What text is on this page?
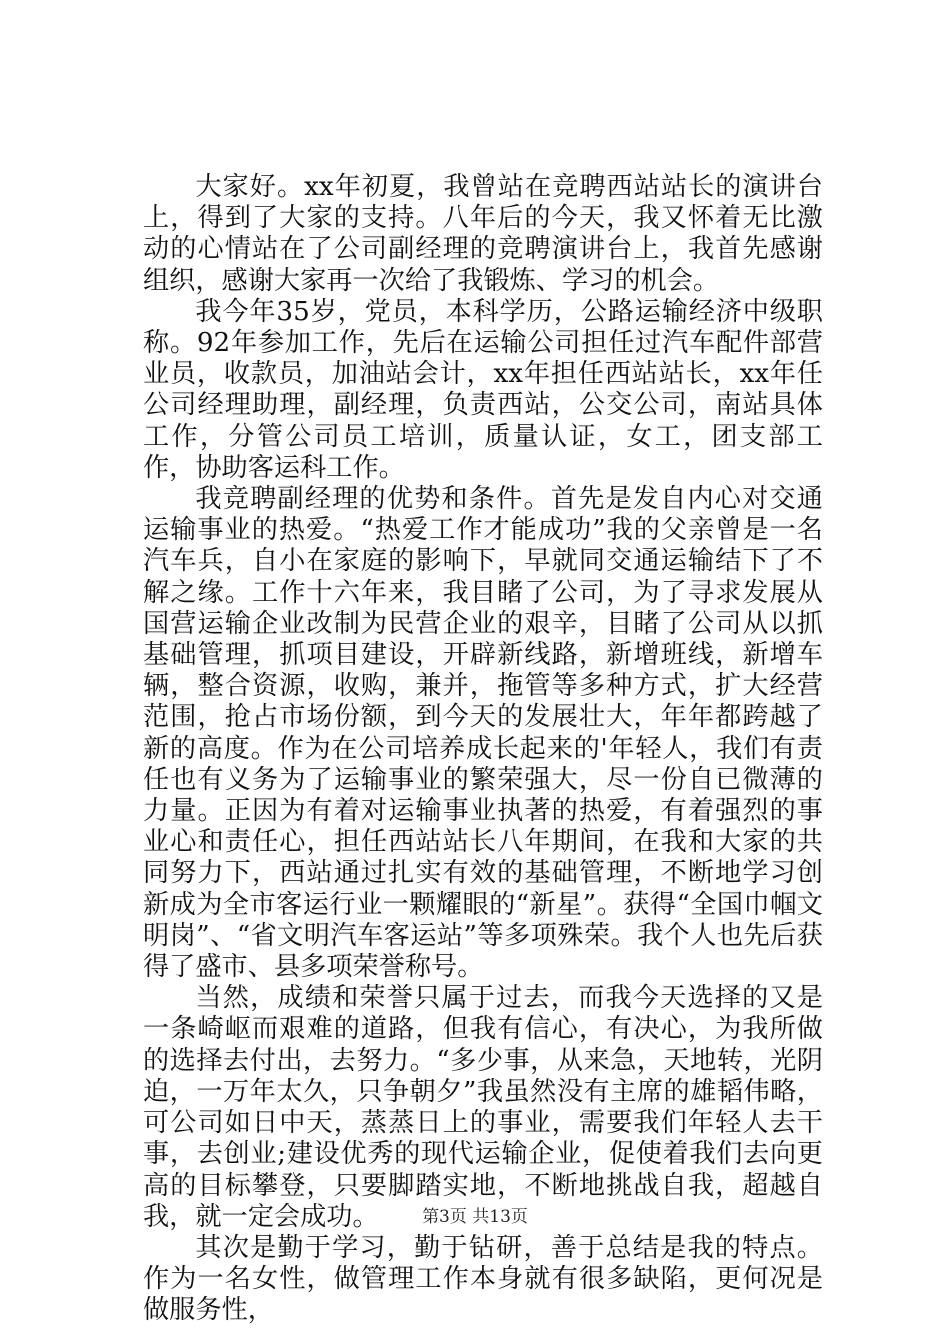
大家好。xx年初夏，我曾站在竞聘西站站长的演讲台上，得到了大家的支持。八年后的今天，我又怀着无比激动的心情站在了公司副经理的竞聘演讲台上，我首先感谢组织，感谢大家再一次给了我锻炼、学习的机会。

我今年35岁，党员，本科学历，公路运输经济中级职称。92年参加工作，先后在运输公司担任过汽车配件部营业员，收款员，加油站会计，xx年担任西站站长，xx年任公司经理助理，副经理，负责西站，公交公司，南站具体工作，分管公司员工培训，质量认证，女工，团支部工作，协助客运科工作。

我竞聘副经理的优势和条件。首先是发自内心对交通运输事业的热爱。“热爱工作才能成功”我的父亲曾是一名汽车兵，自小在家庭的影响下，早就同交通运输结下了不解之缘。工作十六年来，我目睹了公司，为了寻求发展从国营运输企业改制为民营企业的艰辛，目睹了公司从以抓基础管理，抓项目建设，开辟新线路，新增班线，新增车辆，整合资源，收购，兼并，拖管等多种方式，扩大经营范围，抢占市场份额，到今天的发展壮大，年年都跨越了新的高度。作为在公司培养成长起来的'年轻人，我们有责任也有义务为了运输事业的繁荣强大，尽一份自已微薄的力量。正因为有着对运输事业执著的热爱，有着强烈的事业心和责任心，担任西站站长八年期间，在我和大家的共同努力下，西站通过扎实有效的基础管理，不断地学习创新成为全市客运行业一颗耀眼的“新星”。获得“全国巾帼文明岗”、“省文明汽车客运站”等多项殊荣。我个人也先后获得了盛市、县多项荣誉称号。

当然，成绩和荣誉只属于过去，而我今天选择的又是一条崎岖而艰难的道路，但我有信心，有决心，为我所做的选择去付出，去努力。“多少事，从来急，天地转，光阴迫，一万年太久，只争朝夕”我虽然没有主席的雄韬伟略，可公司如日中天，蒸蒸日上的事业，需要我们年轻人去干事，去创业;建设优秀的现代运输企业，促使着我们去向更高的目标攀登，只要脚踏实地，不断地挑战自我，超越自我，就一定会成功。

其次是勤于学习，勤于钻研，善于总结是我的特点。作为一名女性，做管理工作本身就有很多缺陷，更何况是做服务性，

第3页 共13页
